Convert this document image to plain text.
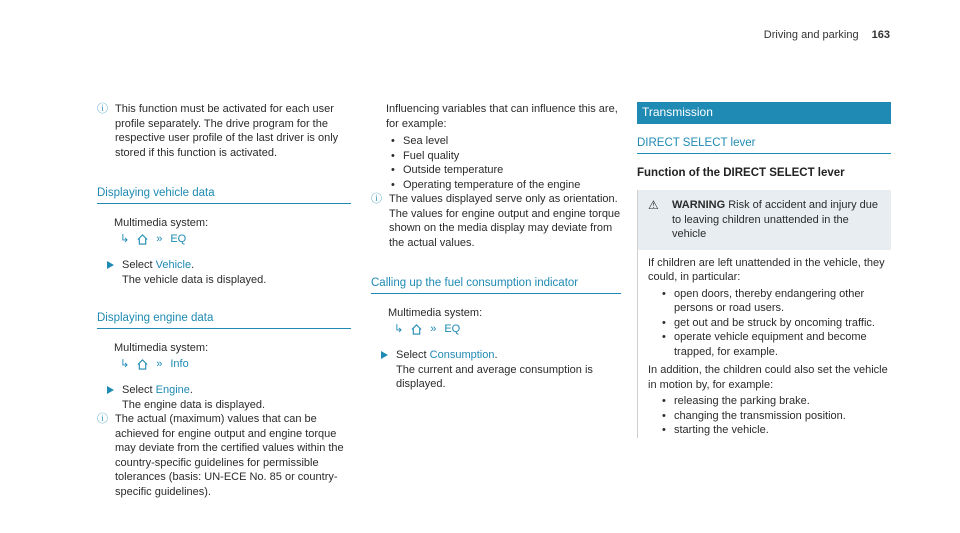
Driving and parking 163
ⓘ This function must be activated for each user profile separately. The drive program for the respective user profile of the last driver is only stored if this function is activated.

Displaying vehicle data

Multimedia system:

↳ » EQ

Select Vehicle.

The vehicle data is displayed.

Displaying engine data

Multimedia system:

↳ » Info

Select Engine.

The engine data is displayed.

ⓘ The actual (maximum) values that can be achieved for engine output and engine torque may deviate from the certified values within the country-specific guidelines for permissible tolerances (basis: UN-ECE No. 85 or country-specific guidelines).

Influencing variables that can influence this are, for example:

• Sea level
• Fuel quality
• Outside temperature
• Operating temperature of the engine
ⓘ The values displayed serve only as orientation. The values for engine output and engine torque shown on the media display may deviate from the actual values.

Calling up the fuel consumption indicator

Multimedia system:

↳ » EQ

Select Consumption.

The current and average consumption is displayed.

Transmission
DIRECT SELECT lever

Function of the DIRECT SELECT lever

⚠	WARNING Risk of accident and injury due to leaving children unattended in the vehicle

If children are left unattended in the vehicle, they could, in particular:

• open doors, thereby endangering other persons or road users.
• get out and be struck by oncoming traffic.
• operate vehicle equipment and become trapped, for example.

In addition, the children could also set the vehicle in motion by, for example:

• releasing the parking brake.
• changing the transmission position.
• starting the vehicle.
